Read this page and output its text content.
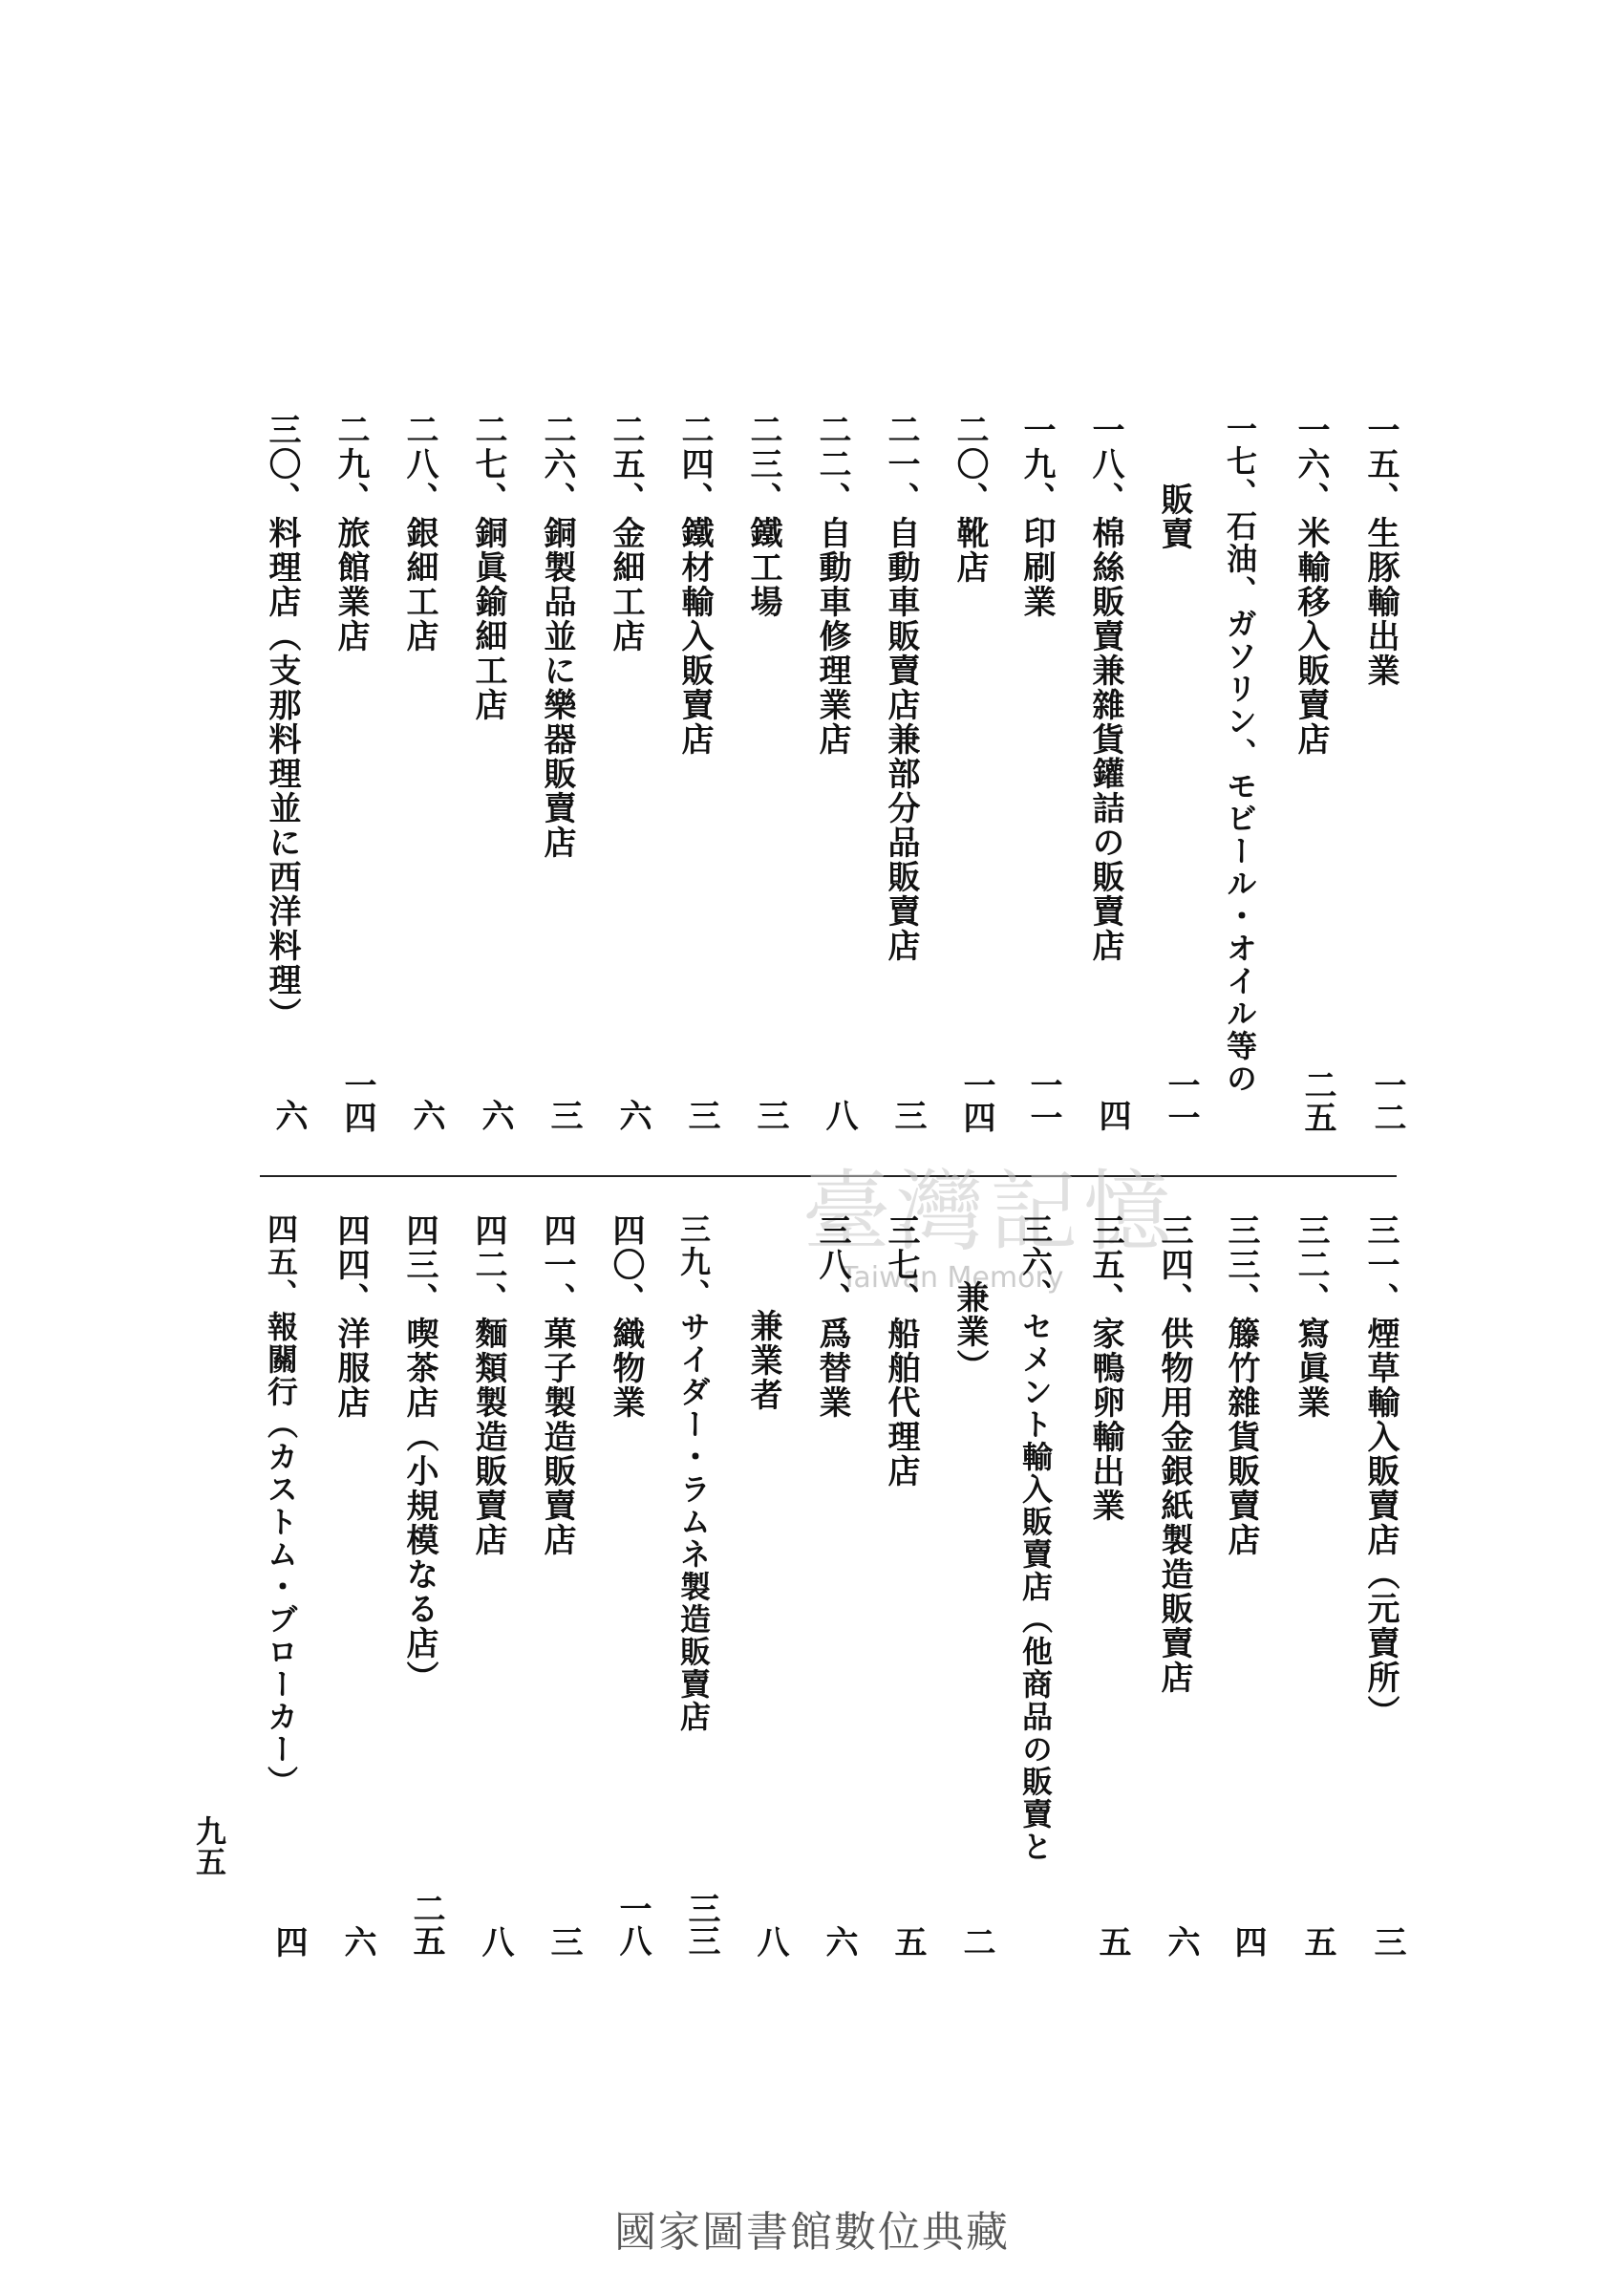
一五、生豚輸出業
一六、米輸移入販賣店
一七、石油、ガソリン、モビール・オイル等の
販賣
一八、棉絲販賣兼雜貨鑵詰の販賣店
一九、印刷業
二〇、靴店
二一、自動車販賣店兼部分品販賣店
二二、自動車修理業店
二三、鐵工場
二四、鐵材輸入販賣店
二五、金細工店
二六、銅製品並に樂器販賣店
二七、銅眞鍮細工店
二八、銀細工店
二九、旅館業店
三〇、料理店（支那料理並に西洋料理）
一二
二五
一一
四
一一
一四
三
八
三
三
六
三
六
六
一四
六
臺灣記憶
Taiwan Memory	三一、煙草輸入販賣店（元賣所）
三二、寫眞業
三三、籐竹雜貨販賣店
三四、供物用金銀紙製造販賣店
三五、家鴨卵輸出業
三六、セメント輸入販賣店（他商品の販賣と
兼業）
三七、船舶代理店
三八、爲替業
兼業者
三九、サイダー・ラムネ製造販賣店
四〇、織物業
四一、菓子製造販賣店
四二、麵類製造販賣店
四三、喫茶店（小規模なる店）
四四、洋服店
四五、報關行（カストム・ブローカー）
三
五
四
六
五
二
五
六
八
三三
一八
三
八
二五
六
四
九五
國家圖書館數位典藏
